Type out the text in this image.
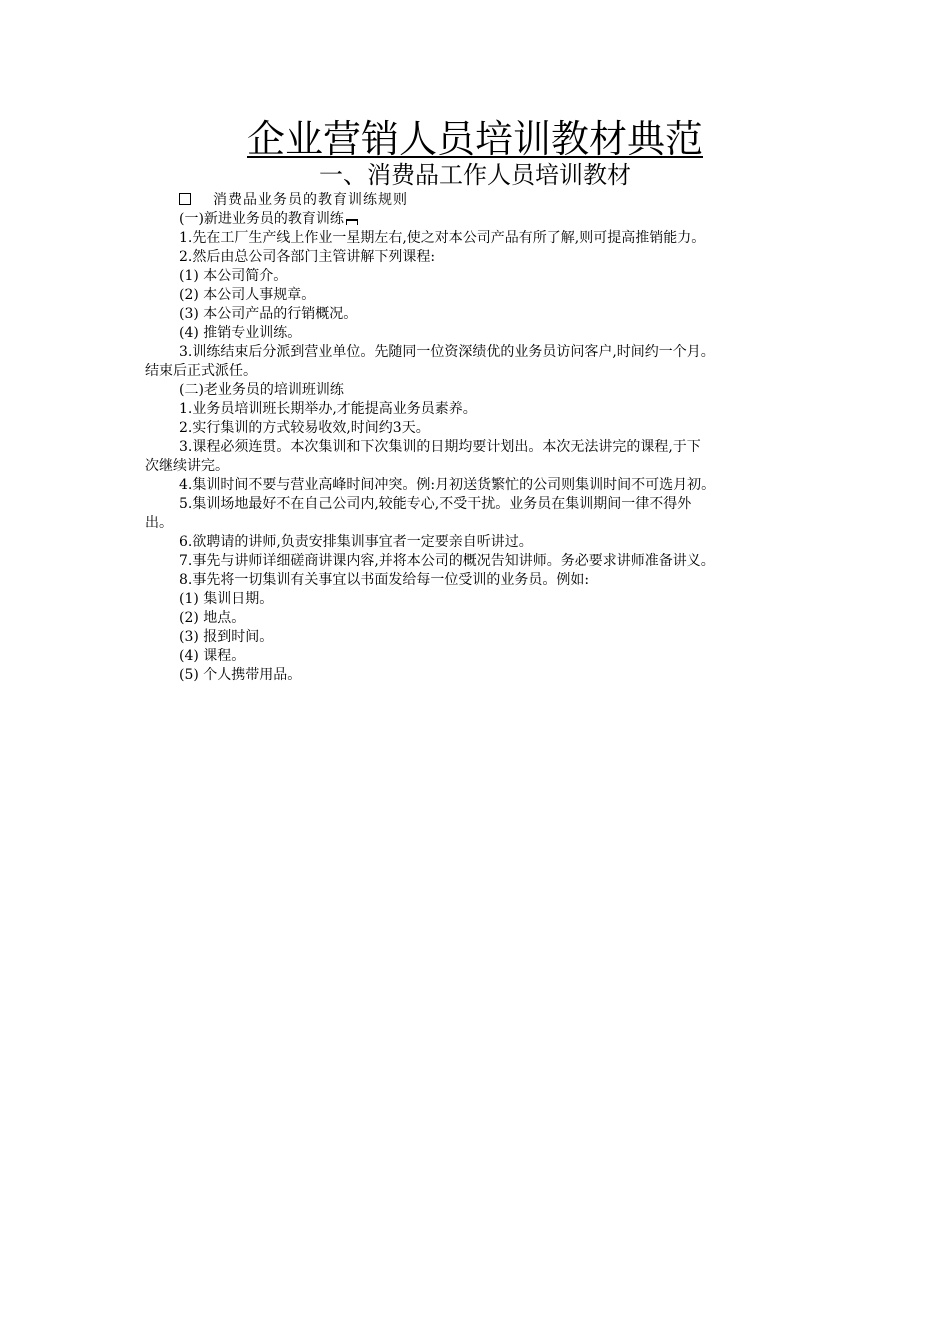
企业营销人员培训教材典范
一、消费品工作人员培训教材
消费品业务员的教育训练规则
(一)新进业务员的教育训练
1.先在工厂生产线上作业一星期左右,使之对本公司产品有所了解,则可提高推销能力。
2.然后由总公司各部门主管讲解下列课程:
(1) 本公司简介。
(2) 本公司人事规章。
(3) 本公司产品的行销概况。
(4) 推销专业训练。
3.训练结束后分派到营业单位。先随同一位资深绩优的业务员访问客户,时间约一个月。
结束后正式派任。
(二)老业务员的培训班训练
1.业务员培训班长期举办,才能提高业务员素养。
2.实行集训的方式较易收效,时间约3天。
3.课程必须连贯。本次集训和下次集训的日期均要计划出。本次无法讲完的课程,于下
次继续讲完。
4.集训时间不要与营业高峰时间冲突。例:月初送货繁忙的公司则集训时间不可选月初。
5.集训场地最好不在自己公司内,较能专心,不受干扰。业务员在集训期间一律不得外
出。
6.欲聘请的讲师,负责安排集训事宜者一定要亲自听讲过。
7.事先与讲师详细磋商讲课内容,并将本公司的概况告知讲师。务必要求讲师准备讲义。
8.事先将一切集训有关事宜以书面发给每一位受训的业务员。例如:
(1) 集训日期。
(2) 地点。
(3) 报到时间。
(4) 课程。
(5) 个人携带用品。
